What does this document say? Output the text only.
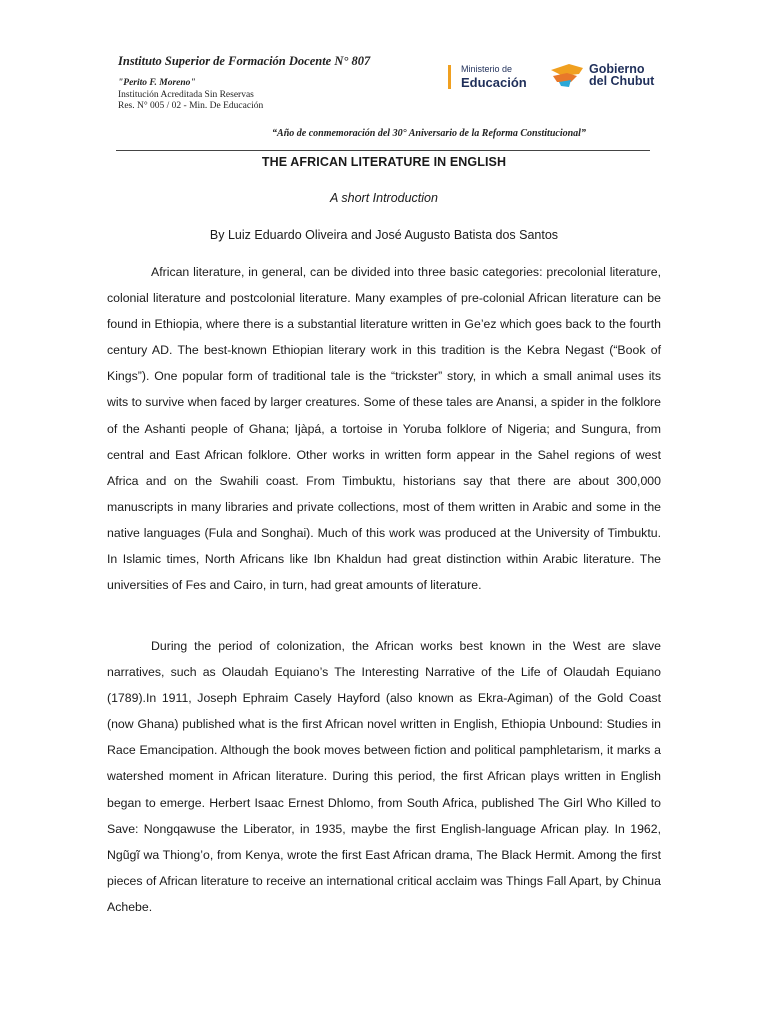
Instituto Superior de Formación Docente N° 807
"Perito F. Moreno"
Institución Acreditada Sin Reservas
Res. N° 005 / 02 - Min. De Educación
Ministerio de
Educación
Gobierno
del Chubut
“Año de conmemoración del 30° Aniversario de la Reforma Constitucional”
THE AFRICAN LITERATURE IN ENGLISH
A short Introduction
By Luiz Eduardo Oliveira and José Augusto Batista dos Santos

African literature, in general, can be divided into three basic categories: precolonial literature, colonial literature and postcolonial literature. Many examples of pre-colonial African literature can be found in Ethiopia, where there is a substantial literature written in Ge’ez which goes back to the fourth century AD. The best-known Ethiopian literary work in this tradition is the Kebra Negast (“Book of Kings”). One popular form of traditional tale is the “trickster” story, in which a small animal uses its wits to survive when faced by larger creatures. Some of these tales are Anansi, a spider in the folklore of the Ashanti people of Ghana; Ijàpá, a tortoise in Yoruba folklore of Nigeria; and Sungura, from central and East African folklore. Other works in written form appear in the Sahel regions of west Africa and on the Swahili coast. From Timbuktu, historians say that there are about 300,000 manuscripts in many libraries and private collections, most of them written in Arabic and some in the native languages (Fula and Songhai). Much of this work was produced at the University of Timbuktu. In Islamic times, North Africans like Ibn Khaldun had great distinction within Arabic literature. The universities of Fes and Cairo, in turn, had great amounts of literature.

During the period of colonization, the African works best known in the West are slave narratives, such as Olaudah Equiano’s The Interesting Narrative of the Life of Olaudah Equiano (1789).In 1911, Joseph Ephraim Casely Hayford (also known as Ekra-Agiman) of the Gold Coast (now Ghana) published what is the first African novel written in English, Ethiopia Unbound: Studies in Race Emancipation. Although the book moves between fiction and political pamphletarism, it marks a watershed moment in African literature. During this period, the first African plays written in English began to emerge. Herbert Isaac Ernest Dhlomo, from South Africa, published The Girl Who Killed to Save: Nongqawuse the Liberator, in 1935, maybe the first English-language African play. In 1962, Ngũgĩ wa Thiong’o, from Kenya, wrote the first East African drama, The Black Hermit. Among the first pieces of African literature to receive an international critical acclaim was Things Fall Apart, by Chinua Achebe.
